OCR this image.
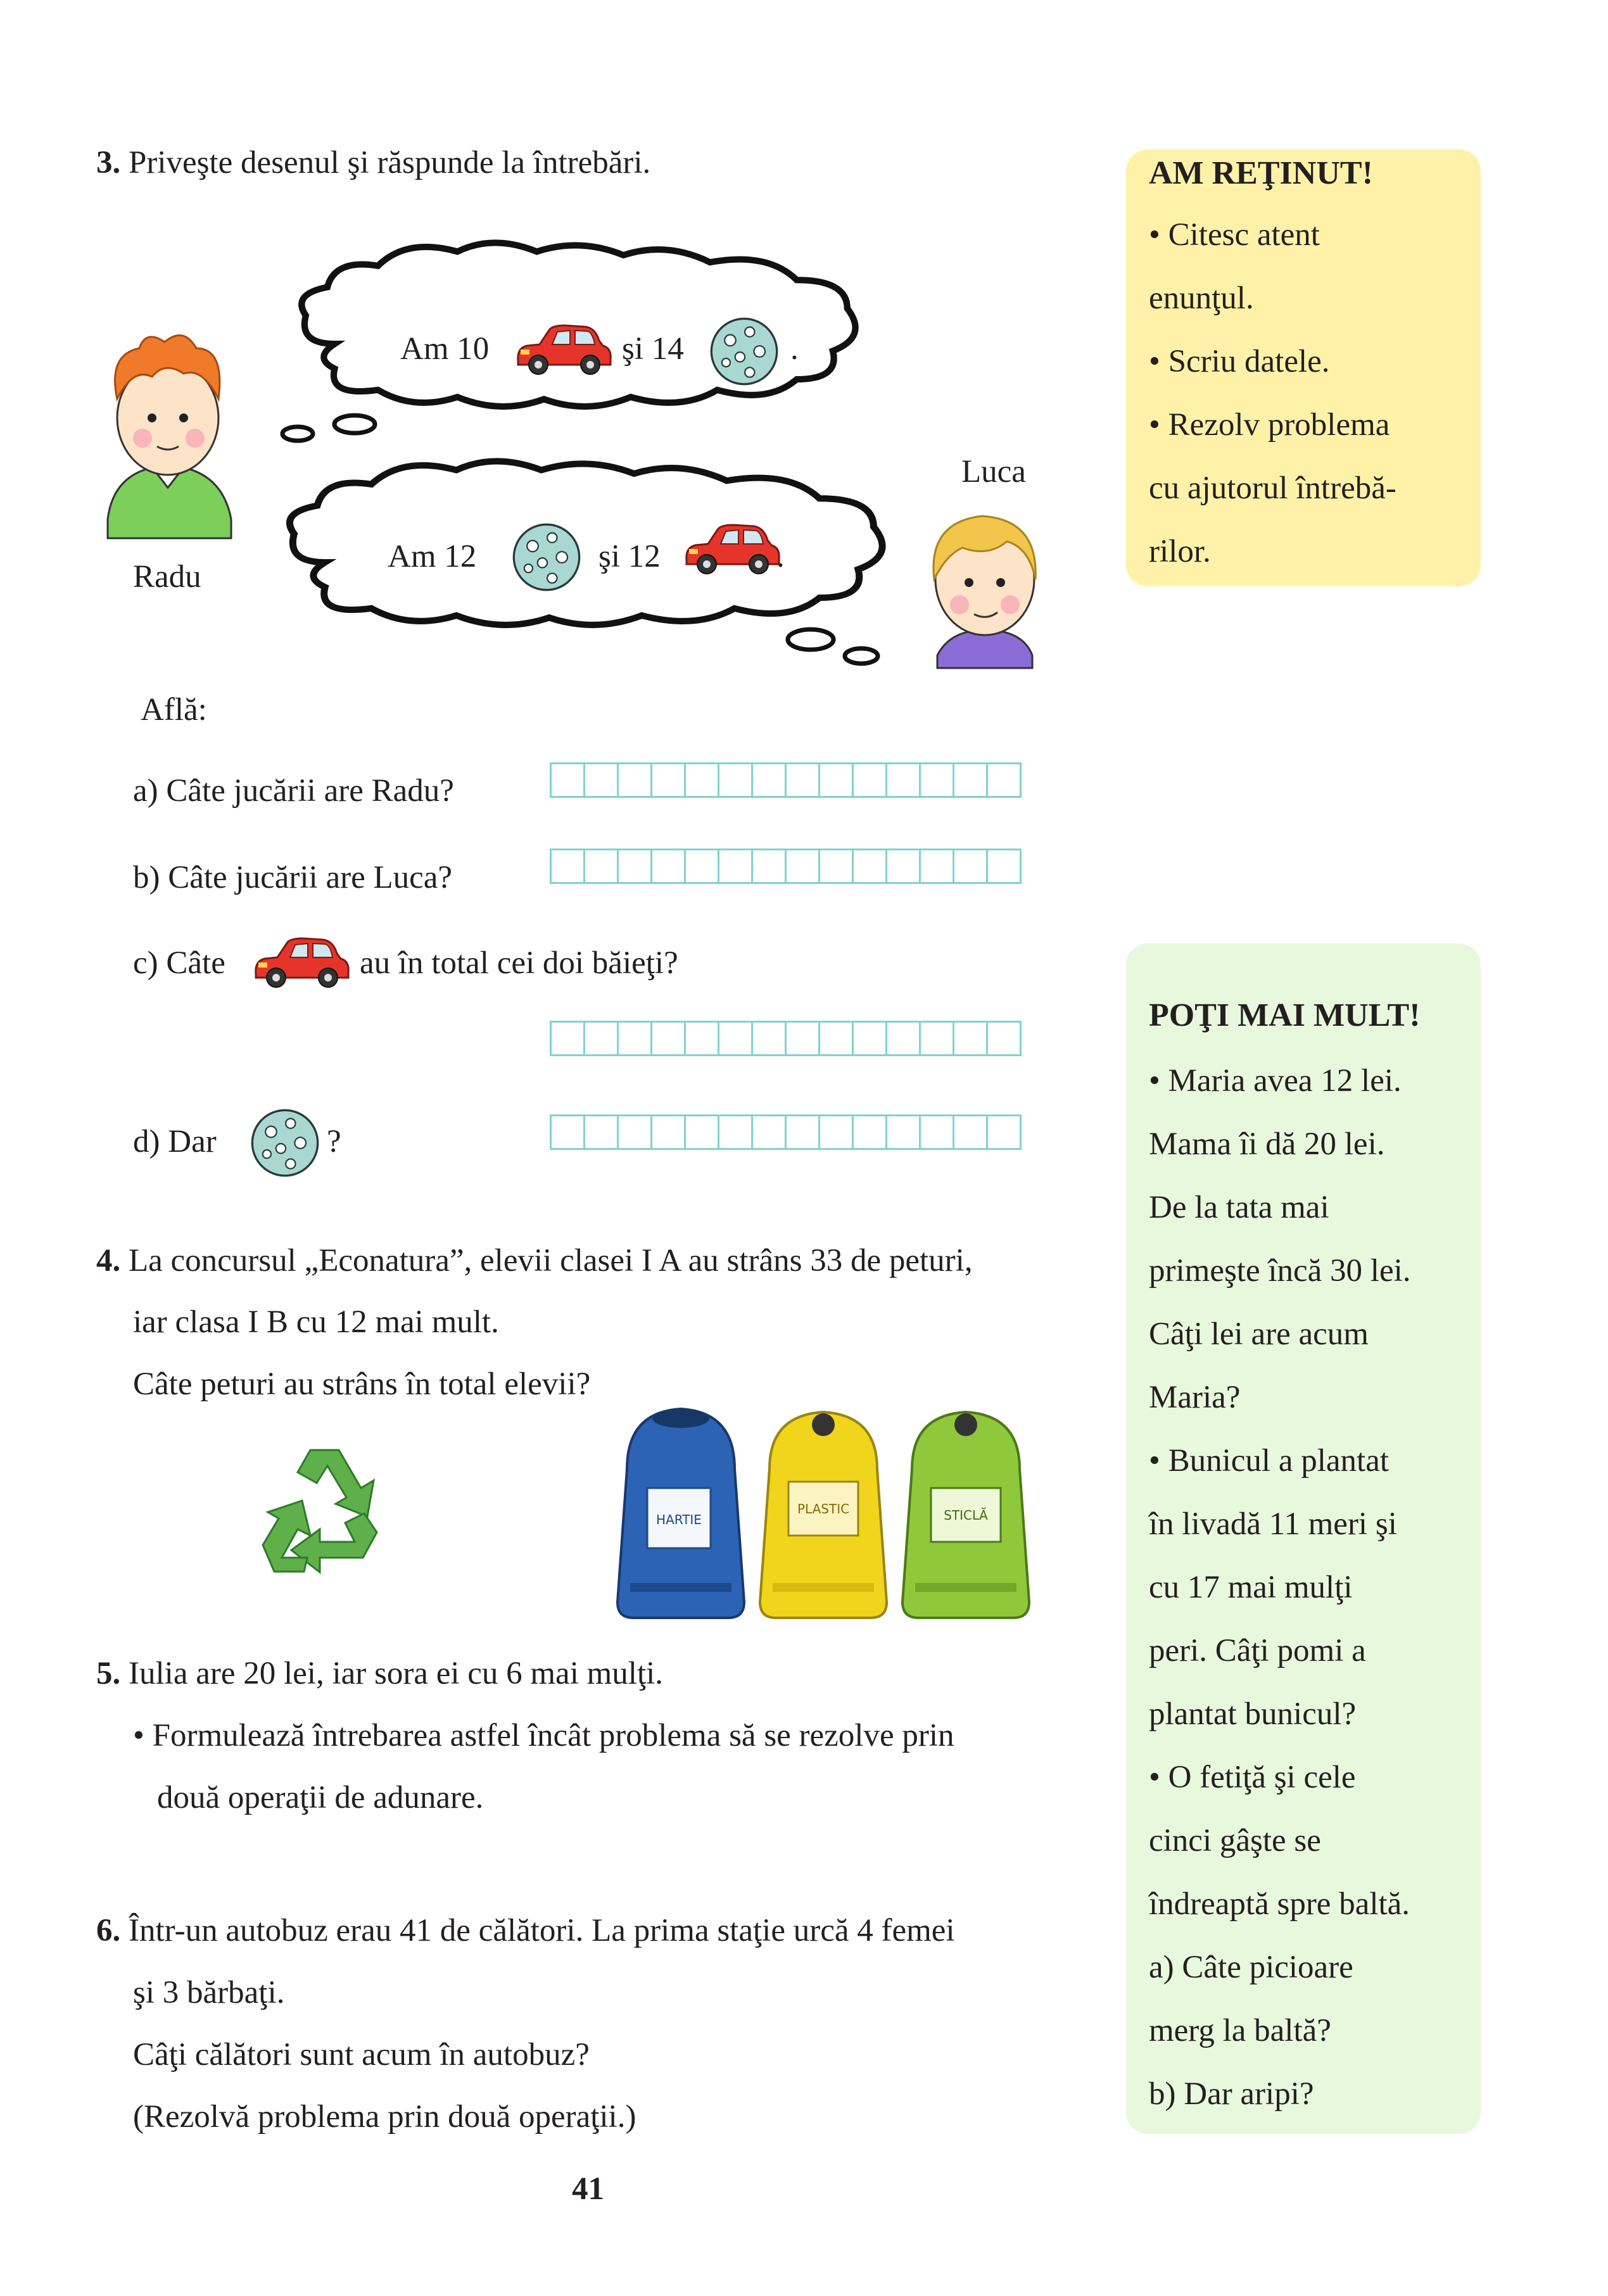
3. Priveşte desenul şi răspunde la întrebări.
Radu
Am 10	şi 14	.
Am 12	şi 12	.
Luca
Află:
a) Câte jucării are Radu?
b) Câte jucării are Luca?
c) Câte	au în total cei doi băieţi?
d) Dar	?
4. La concursul „Econatura”, elevii clasei I A au strâns 33 de peturi,
iar clasa I B cu 12 mai mult.
Câte peturi au strâns în total elevii?
HARTIE
PLASTIC	STICLĂ
5. Iulia are 20 lei, iar sora ei cu 6 mai mulţi.
• Formulează întrebarea astfel încât problema să se rezolve prin
două operaţii de adunare.
6. Într-un autobuz erau 41 de călători. La prima staţie urcă 4 femei
şi 3 bărbaţi.
Câţi călători sunt acum în autobuz?
(Rezolvă problema prin două operaţii.)
41
AM REŢINUT!
• Citesc atent
enunţul.
• Scriu datele.
• Rezolv problema
cu ajutorul întrebă-
rilor.
POŢI MAI MULT!
• Maria avea 12 lei.
Mama îi dă 20 lei.
De la tata mai
primeşte încă 30 lei.
Câţi lei are acum
Maria?
• Bunicul a plantat
în livadă 11 meri şi
cu 17 mai mulţi
peri. Câţi pomi a
plantat bunicul?
• O fetiţă şi cele
cinci gâşte se
îndreaptă spre baltă.
a) Câte picioare
merg la baltă?
b) Dar aripi?
